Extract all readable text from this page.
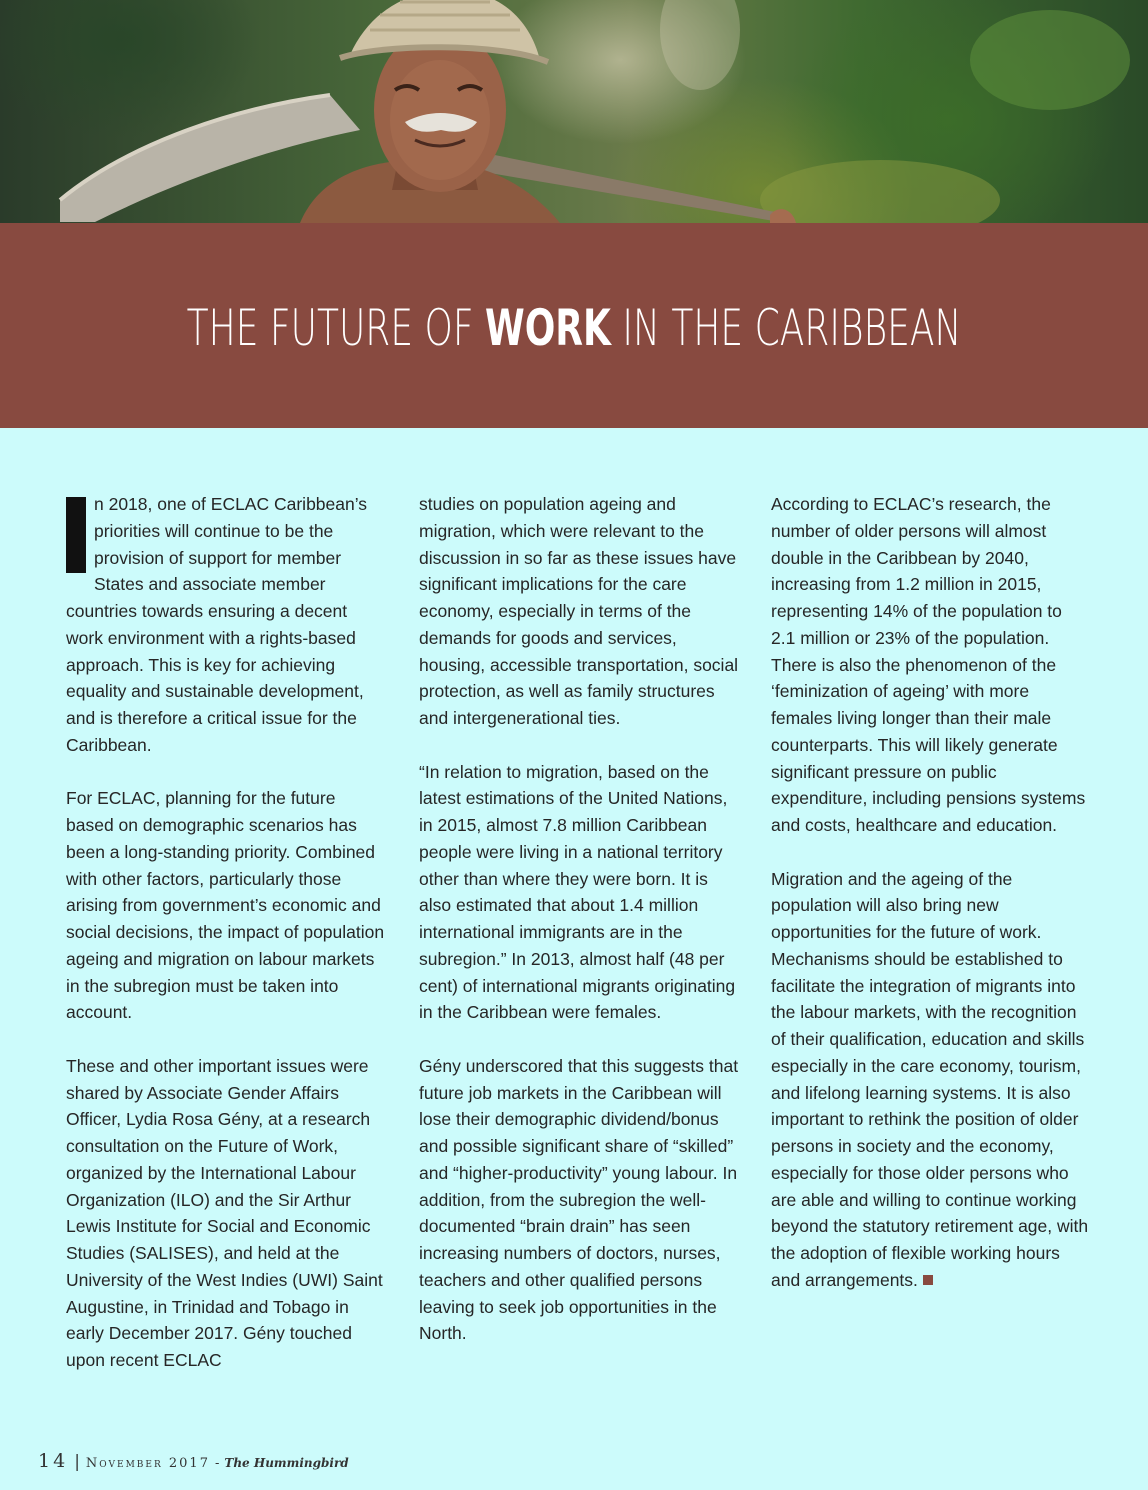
THE FUTURE OF WORK IN THE CARIBBEAN

n 2018, one of ECLAC Caribbean’s priorities will continue to be the provision of support for member States and associate member countries towards ensuring a decent work environment with a rights-based approach. This is key for achieving equality and sustainable development, and is therefore a critical issue for the Caribbean.

For ECLAC, planning for the future based on demographic scenarios has been a long-standing priority. Combined with other factors, particularly those arising from government’s economic and social decisions, the impact of population ageing and migration on labour markets in the subregion must be taken into account.

These and other important issues were shared by Associate Gender Affairs Officer, Lydia Rosa Gény, at a research consultation on the Future of Work, organized by the International Labour Organization (ILO) and the Sir Arthur Lewis Institute for Social and Economic Studies (SALISES), and held at the University of the West Indies (UWI) Saint Augustine, in Trinidad and Tobago in early December 2017. Gény touched upon recent ECLAC

studies on population ageing and migration, which were relevant to the discussion in so far as these issues have significant implications for the care economy, especially in terms of the demands for goods and services, housing, accessible transportation, social protection, as well as family structures and intergenerational ties.

“In relation to migration, based on the latest estimations of the United Nations, in 2015, almost 7.8 million Caribbean people were living in a national territory other than where they were born. It is also estimated that about 1.4 million international immigrants are in the subregion.” In 2013, almost half (48 per cent) of international migrants originating in the Caribbean were females.

Gény underscored that this suggests that future job markets in the Caribbean will lose their demographic dividend/bonus and possible significant share of “skilled” and “higher-productivity” young labour. In addition, from the subregion the well-documented “brain drain” has seen increasing numbers of doctors, nurses, teachers and other qualified persons leaving to seek job opportunities in the North.

According to ECLAC’s research, the number of older persons will almost double in the Caribbean by 2040, increasing from 1.2 million in 2015, representing 14% of the population to 2.1 million or 23% of the population. There is also the phenomenon of the ‘feminization of ageing’ with more females living longer than their male counterparts. This will likely generate significant pressure on public expenditure, including pensions systems and costs, healthcare and education.

Migration and the ageing of the population will also bring new opportunities for the future of work. Mechanisms should be established to facilitate the integration of migrants into the labour markets, with the recognition of their qualification, education and skills especially in the care economy, tourism, and lifelong learning systems. It is also important to rethink the position of older persons in society and the economy, especially for those older persons who are able and willing to continue working beyond the statutory retirement age, with the adoption of flexible working hours and arrangements.

14 | November 2017 - The Hummingbird
